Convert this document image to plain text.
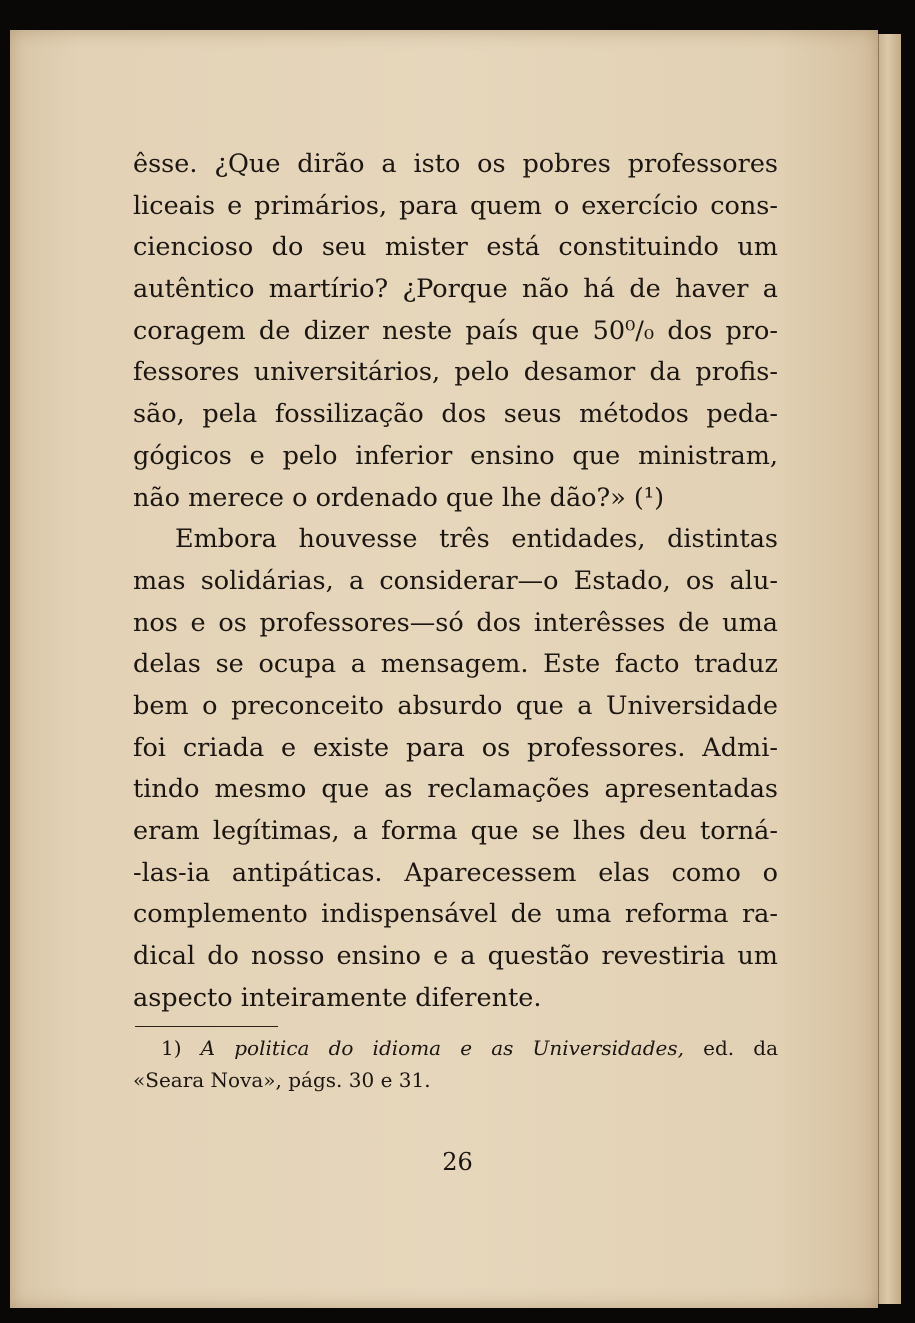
êsse. ¿Que dirão a isto os pobres professores
liceais e primários, para quem o exercício cons-
ciencioso do seu mister está constituindo um
autêntico martírio? ¿Porque não há de haver a
coragem de dizer neste país que 50⁰/₀ dos pro-
fessores universitários, pelo desamor da profis-
são, pela fossilização dos seus métodos peda-
gógicos e pelo inferior ensino que ministram,
não merece o ordenado que lhe dão?» (¹)
Embora houvesse três entidades, distintas
mas solidárias, a considerar—o Estado, os alu-
nos e os professores—só dos interêsses de uma
delas se ocupa a mensagem. Este facto traduz
bem o preconceito absurdo que a Universidade
foi criada e existe para os professores. Admi-
tindo mesmo que as reclamações apresentadas
eram legítimas, a forma que se lhes deu torná-
-las-ia antipáticas. Aparecessem elas como o
complemento indispensável de uma reforma ra-
dical do nosso ensino e a questão revestiria um
aspecto inteiramente diferente.
1) A politica do idioma e as Universidades, ed. da
«Seara Nova», págs. 30 e 31.
26
